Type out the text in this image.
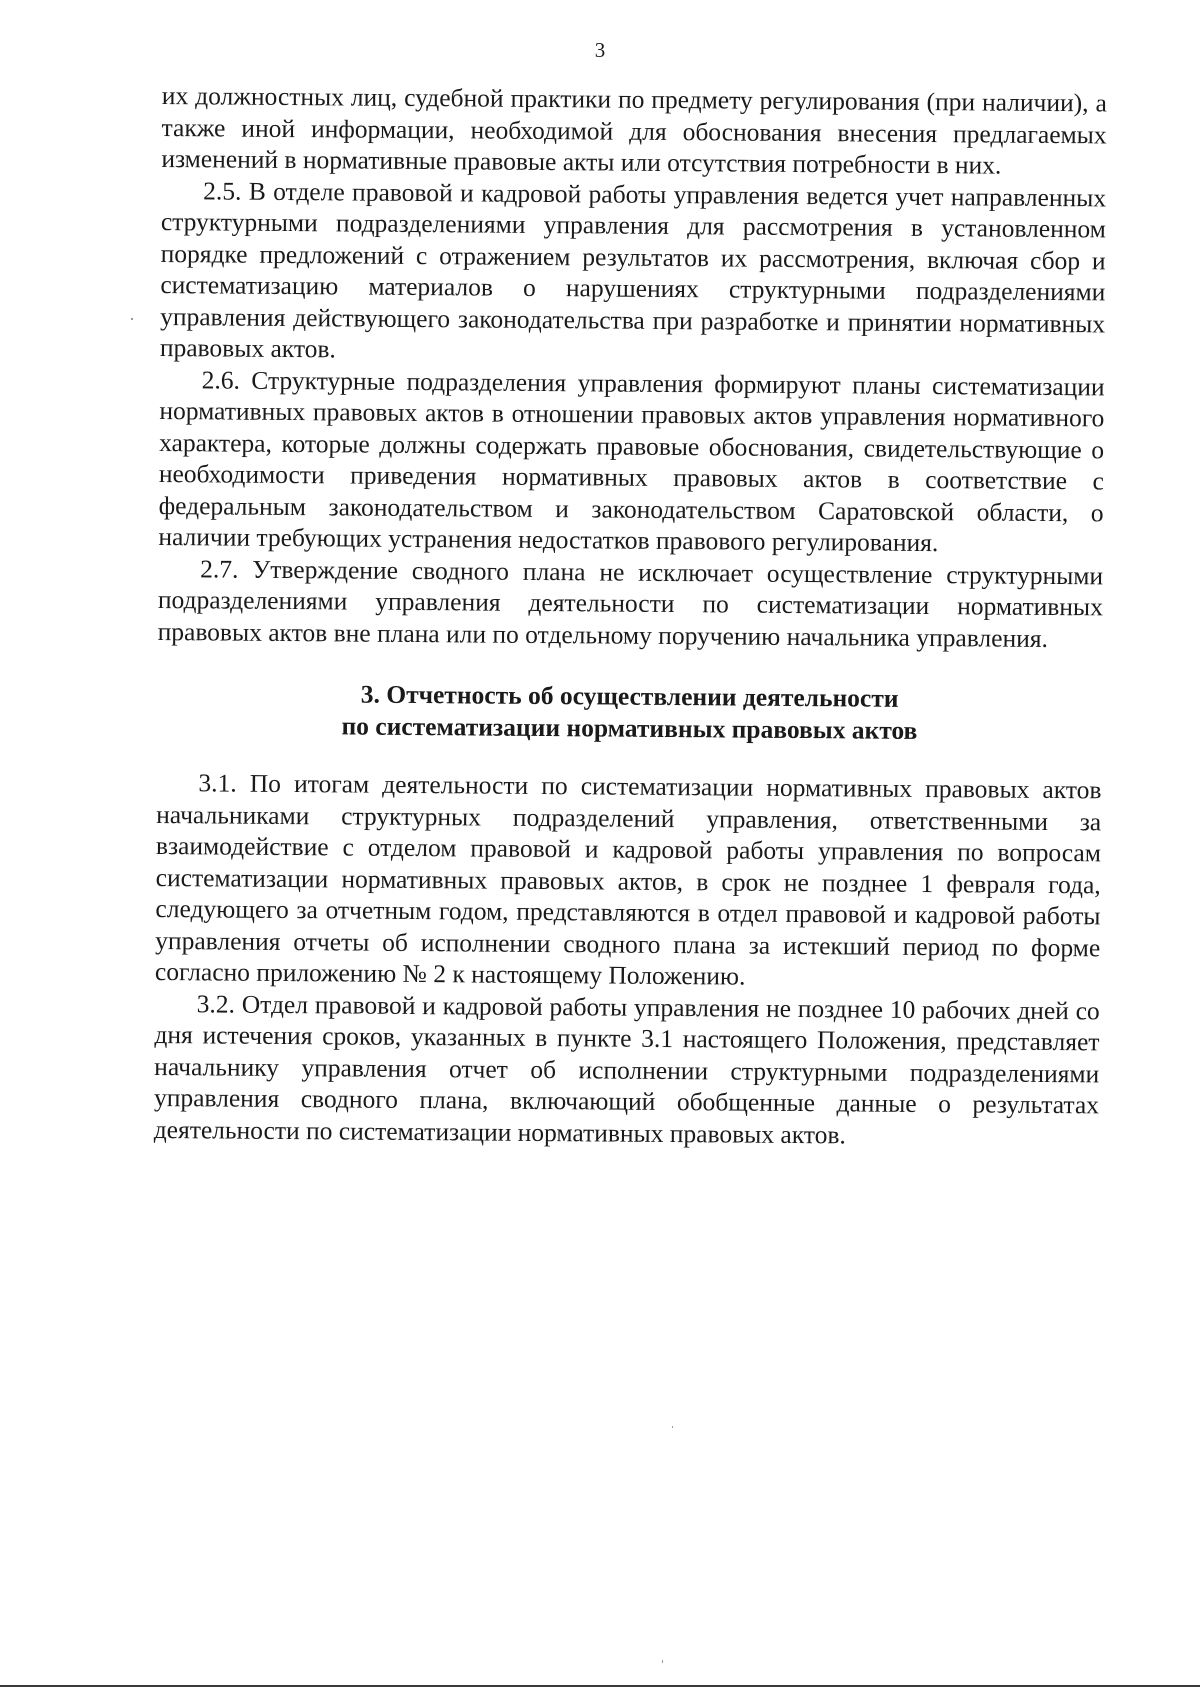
3

их должностных лиц, судебной практики по предмету регулирования (при наличии), а также иной информации, необходимой для обоснования внесения предлагаемых изменений в нормативные правовые акты или отсутствия потребности в них.

2.5. В отделе правовой и кадровой работы управления ведется учет направленных структурными подразделениями управления для рассмотрения в установленном порядке предложений с отражением результатов их рассмотрения, включая сбор и систематизацию материалов о нарушениях структурными подразделениями управления действующего законодательства при разработке и принятии нормативных правовых актов.

2.6. Структурные подразделения управления формируют планы систематизации нормативных правовых актов в отношении правовых актов управления нормативного характера, которые должны содержать правовые обоснования, свидетельствующие о необходимости приведения нормативных правовых актов в соответствие с федеральным законодательством и законодательством Саратовской области, о наличии требующих устранения недостатков правового регулирования.

2.7. Утверждение сводного плана не исключает осуществление структурными подразделениями управления деятельности по систематизации нормативных правовых актов вне плана или по отдельному поручению начальника управления.

3. Отчетность об осуществлении деятельности
по систематизации нормативных правовых актов

3.1. По итогам деятельности по систематизации нормативных правовых актов начальниками структурных подразделений управления, ответственными за взаимодействие с отделом правовой и кадровой работы управления по вопросам систематизации нормативных правовых актов, в срок не позднее 1 февраля года, следующего за отчетным годом, представляются в отдел правовой и кадровой работы управления отчеты об исполнении сводного плана за истекший период по форме согласно приложению № 2 к настоящему Положению.

3.2. Отдел правовой и кадровой работы управления не позднее 10 рабочих дней со дня истечения сроков, указанных в пункте 3.1 настоящего Положения, представляет начальнику управления отчет об исполнении структурными подразделениями управления сводного плана, включающий обобщенные данные о результатах деятельности по систематизации нормативных правовых актов.
